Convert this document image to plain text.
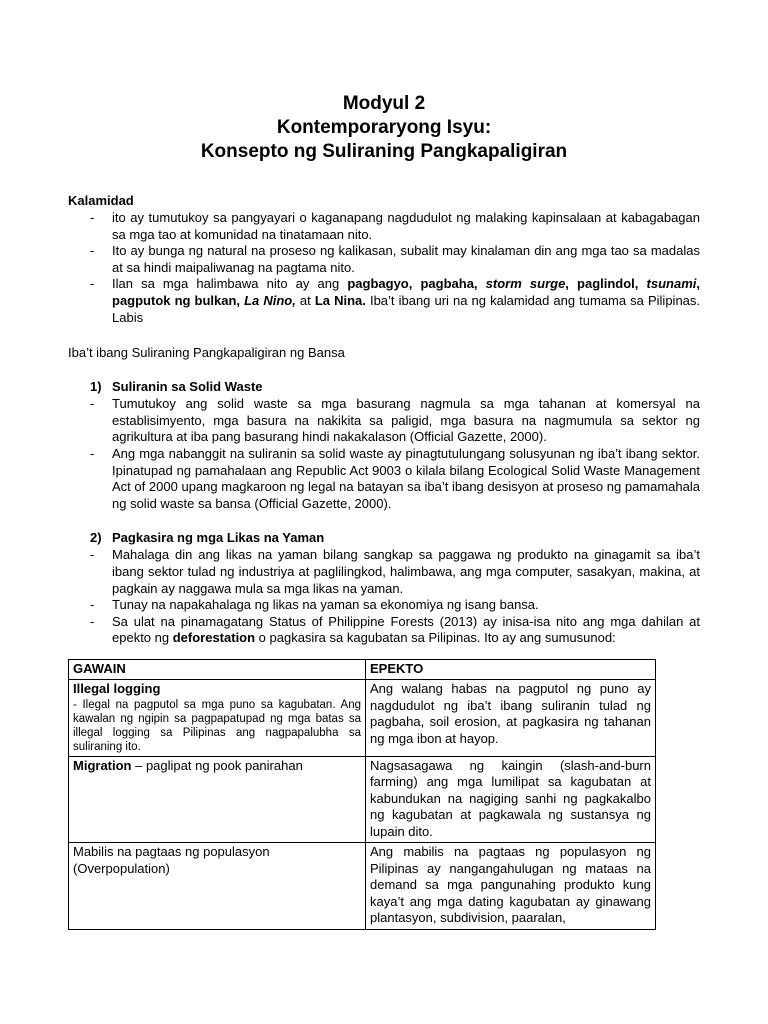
Modyul 2
Kontemporaryong Isyu:
Konsepto ng Suliraning Pangkapaligiran
Kalamidad
- ito ay tumutukoy sa pangyayari o kaganapang nagdudulot ng malaking kapinsalaan at kabagabagan sa mga tao at komunidad na tinatamaan nito.
- Ito ay bunga ng natural na proseso ng kalikasan, subalit may kinalaman din ang mga tao sa madalas at sa hindi maipaliwanag na pagtama nito.
- Ilan sa mga halimbawa nito ay ang pagbagyo, pagbaha, storm surge, paglindol, tsunami, pagputok ng bulkan, La Nino, at La Nina. Iba’t ibang uri na ng kalamidad ang tumama sa Pilipinas. Labis
Iba’t ibang Suliraning Pangkapaligiran ng Bansa
1) Suliranin sa Solid Waste
- Tumutukoy ang solid waste sa mga basurang nagmula sa mga tahanan at komersyal na establisimyento, mga basura na nakikita sa paligid, mga basura na nagmumula sa sektor ng agrikultura at iba pang basurang hindi nakakalason (Official Gazette, 2000).
- Ang mga nabanggit na suliranin sa solid waste ay pinagtutulungang solusyunan ng iba’t ibang sektor. Ipinatupad ng pamahalaan ang Republic Act 9003 o kilala bilang Ecological Solid Waste Management Act of 2000 upang magkaroon ng legal na batayan sa iba’t ibang desisyon at proseso ng pamamahala ng solid waste sa bansa (Official Gazette, 2000).
2) Pagkasira ng mga Likas na Yaman
- Mahalaga din ang likas na yaman bilang sangkap sa paggawa ng produkto na ginagamit sa iba’t ibang sektor tulad ng industriya at paglilingkod, halimbawa, ang mga computer, sasakyan, makina, at pagkain ay naggawa mula sa mga likas na yaman.
- Tunay na napakahalaga ng likas na yaman sa ekonomiya ng isang bansa.
- Sa ulat na pinamagatang Status of Philippine Forests (2013) ay inisa-isa nito ang mga dahilan at epekto ng deforestation o pagkasira sa kagubatan sa Pilipinas. Ito ay ang sumusunod:
GAWAIN	EPEKTO

Illegal logging
- Ilegal na pagputol sa mga puno sa kagubatan. Ang kawalan ng ngipin sa pagpapatupad ng mga batas sa illegal logging sa Pilipinas ang nagpapalubha sa suliraning ito.	Ang walang habas na pagputol ng puno ay nagdudulot ng iba’t ibang suliranin tulad ng pagbaha, soil erosion, at pagkasira ng tahanan ng mga ibon at hayop.
Migration – paglipat ng pook panirahan	Nagsasagawa ng kaingin (slash-and-burn farming) ang mga lumilipat sa kagubatan at kabundukan na nagiging sanhi ng pagkakalbo ng kagubatan at pagkawala ng sustansya ng lupain dito.
Mabilis na pagtaas ng populasyon (Overpopulation)	Ang mabilis na pagtaas ng populasyon ng Pilipinas ay nangangahulugan ng mataas na demand sa mga pangunahing produkto kung kaya’t ang mga dating kagubatan ay ginawang plantasyon, subdivision, paaralan,
